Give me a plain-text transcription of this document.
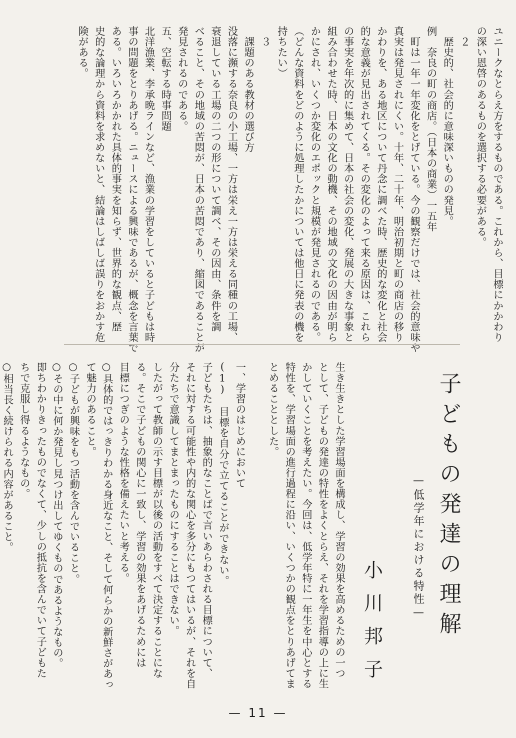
ユニークなとらえ方をするものである。これから、目標にかかわり
の深い恩啓のあるものを選択する必要がある。
　２
　歴史的、社会的に意味深いものの発見。
例　奈良の町の商店。（日本の商業）一五年
　町は一年一年変化をとげている。今の観察だけでは、社会的意味や
真実は発見されにくい。十年、二十年、明治初期と町の商店の移り
かわりを、ある地区について丹念に調べた時、歴史的な変化と社会
的な意義が見出されてくる。その変化のよって来る原因は、これら
の事実を年次的に集めて、日本の社会の変化、発展の大きな事象と
組み合わせた時、日本の文化の動機、その地域の文化の因由が明ら
かにされ、いくつか変化のエポックと規模が発見されるのである。
（どんな資料をどのように処理したかについては他日に発表の機を
持ちたい）
　３
　課題のある教材の選び方
没落に瀕する奈良の小工場、一方は栄え一方は栄える同種の工場、
衰退している工場の二つの形について調べ、その因由、条件を調
べること、その地域の苦悶が、日本の苦悶であり、縮図であることが
発見されるのである。
五、空転する時事問題
北洋漁業、李承晩ラインなど、漁業の学習をしていると子どもは時
事の問題をとりあげる。ニュースによる興味であるが、概念を言葉で
ある。いろいろかかれた具体的事実を知らず、世界的な観点、歴
史的な論理から資料を求めないと、結論はしばしば誤りをおかす危
険がある。
子どもの発達の理解
—低学年における特性—
小川邦子
生き生きとした学習場面を構成し、学習の効果を高めるための一つ
として、子どもの発達の特性をよくとらえ、それを学習指導の上に生
かしていくことを考えたい。今回は、低学年特に一年生を中心とする
特性を、学習場面の進行過程に沿い、いくつかの観点をとりあげてま
とめることとした。

一、学習のはじめにおいて
(1)　目標を自分で立てることができない。
子どもたちは、抽象的なことばで言いあらわされる目標について、
それに対する可能性や内的な関心を多分にもつてはいるが、それを自
分たちで意識してまとまったものにすることはできない。
したがって教師の示す目標が以後の活動をすべて決定することにな
る。そこで子どもの関心に一致し、学習の効果をあげるためには
目標につぎのような性格を備えたいと考える。
○具体的ではっきりわかる身近なこと、そして何らかの新鮮さがあっ
て魅力のあること。
○子どもが興味をもつ活動を含んでいること。
○その中に何か発見し見つけ出してゆくものであるようなもの。
即ちわかりきったものでなくて、少しの抵抗を含んでいて子どもた
ちで克服し得るようなもの。
○相当長く続けられる内容があること。
— 11 —
